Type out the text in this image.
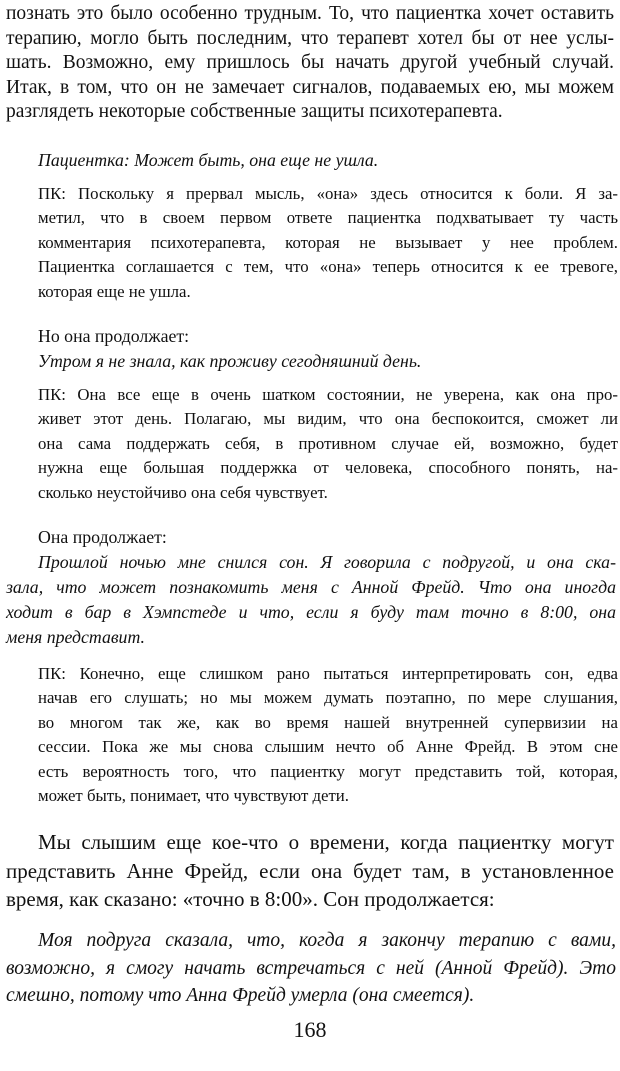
познать это было особенно трудным. То, что пациентка хочет оставить
терапию, могло быть последним, что терапевт хотел бы от нее услы-
шать. Возможно, ему пришлось бы начать другой учебный случай.
Итак, в том, что он не замечает сигналов, подаваемых ею, мы можем
разглядеть некоторые собственные защиты психотерапевта.

Пациентка: Может быть, она еще не ушла.

ПК: Поскольку я прервал мысль, «она» здесь относится к боли. Я за-
метил, что в своем первом ответе пациентка подхватывает ту часть
комментария психотерапевта, которая не вызывает у нее проблем.
Пациентка соглашается с тем, что «она» теперь относится к ее тревоге,
которая еще не ушла.

Но она продолжает:

Утром я не знала, как проживу сегодняшний день.

ПК: Она все еще в очень шатком состоянии, не уверена, как она про-
живет этот день. Полагаю, мы видим, что она беспокоится, сможет ли
она сама поддержать себя, в противном случае ей, возможно, будет
нужна еще большая поддержка от человека, способного понять, на-
сколько неустойчиво она себя чувствует.

Она продолжает:

Прошлой ночью мне снился сон. Я говорила с подругой, и она ска-
зала, что может познакомить меня с Анной Фрейд. Что она иногда
ходит в бар в Хэмпстеде и что, если я буду там точно в 8:00, она
меня представит.

ПК: Конечно, еще слишком рано пытаться интерпретировать сон, едва
начав его слушать; но мы можем думать поэтапно, по мере слушания,
во многом так же, как во время нашей внутренней супервизии на
сессии. Пока же мы снова слышим нечто об Анне Фрейд. В этом сне
есть вероятность того, что пациентку могут представить той, которая,
может быть, понимает, что чувствуют дети.

Мы слышим еще кое-что о времени, когда пациентку могут
представить Анне Фрейд, если она будет там, в установленное
время, как сказано: «точно в 8:00». Сон продолжается:

Моя подруга сказала, что, когда я закончу терапию с вами,
возможно, я смогу начать встречаться с ней (Анной Фрейд). Это
смешно, потому что Анна Фрейд умерла (она смеется).

168
